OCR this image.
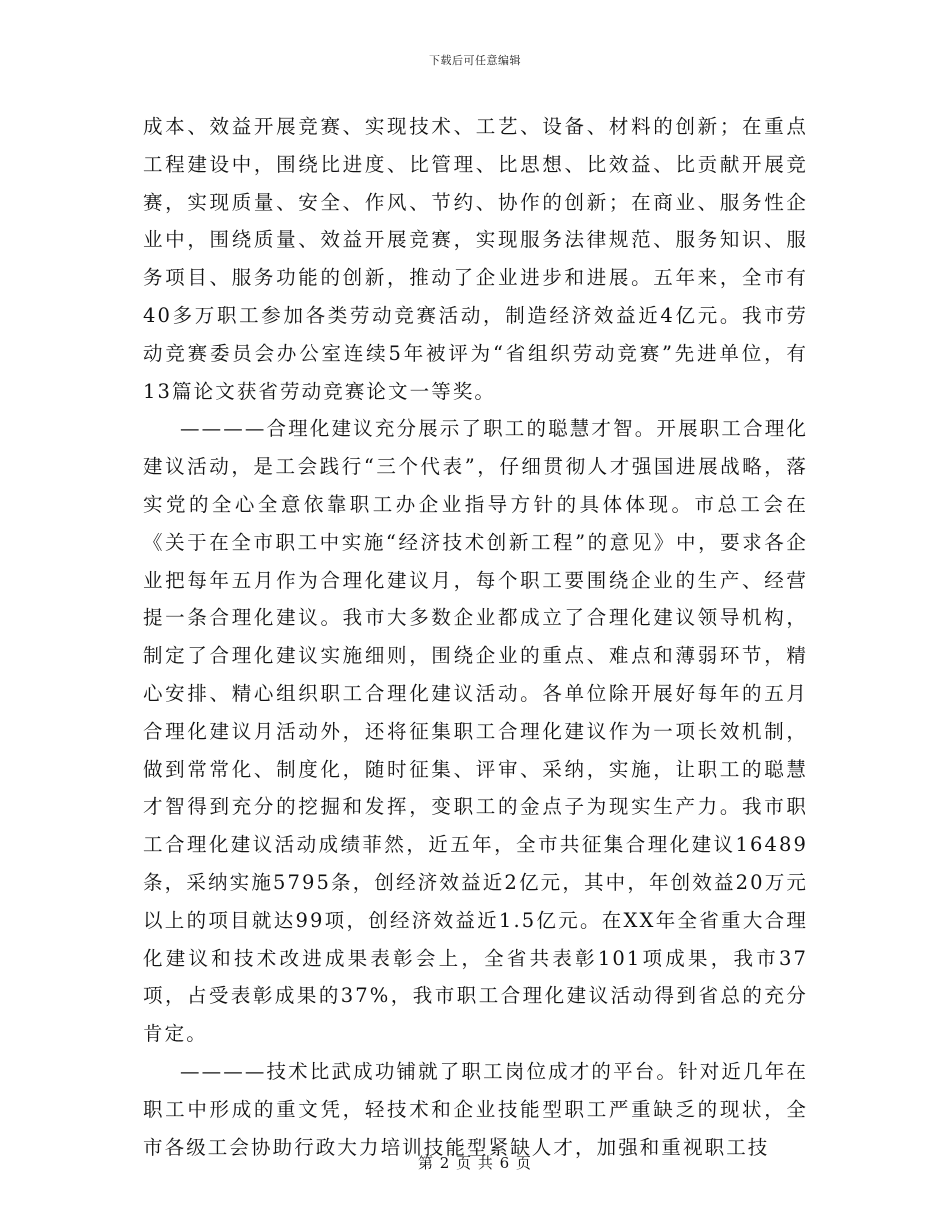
下载后可任意编辑

成本、效益开展竞赛、实现技术、工艺、设备、材料的创新；在重点工程建设中，围绕比进度、比管理、比思想、比效益、比贡献开展竞赛，实现质量、安全、作风、节约、协作的创新；在商业、服务性企业中，围绕质量、效益开展竞赛，实现服务法律规范、服务知识、服务项目、服务功能的创新，推动了企业进步和进展。五年来，全市有40多万职工参加各类劳动竞赛活动，制造经济效益近4亿元。我市劳动竞赛委员会办公室连续5年被评为“省组织劳动竞赛”先进单位，有13篇论文获省劳动竞赛论文一等奖。

————合理化建议充分展示了职工的聪慧才智。开展职工合理化建议活动，是工会践行“三个代表”，仔细贯彻人才强国进展战略，落实党的全心全意依靠职工办企业指导方针的具体体现。市总工会在《关于在全市职工中实施“经济技术创新工程”的意见》中，要求各企业把每年五月作为合理化建议月，每个职工要围绕企业的生产、经营提一条合理化建议。我市大多数企业都成立了合理化建议领导机构，制定了合理化建议实施细则，围绕企业的重点、难点和薄弱环节，精心安排、精心组织职工合理化建议活动。各单位除开展好每年的五月合理化建议月活动外，还将征集职工合理化建议作为一项长效机制，做到常常化、制度化，随时征集、评审、采纳，实施，让职工的聪慧才智得到充分的挖掘和发挥，变职工的金点子为现实生产力。我市职工合理化建议活动成绩菲然，近五年，全市共征集合理化建议16489条，采纳实施5795条，创经济效益近2亿元，其中，年创效益20万元以上的项目就达99项，创经济效益近1.5亿元。在XX年全省重大合理化建议和技术改进成果表彰会上，全省共表彰101项成果，我市37项，占受表彰成果的37%，我市职工合理化建议活动得到省总的充分肯定。

————技术比武成功铺就了职工岗位成才的平台。针对近几年在职工中形成的重文凭，轻技术和企业技能型职工严重缺乏的现状，全市各级工会协助行政大力培训技能型紧缺人才，加强和重视职工技

第 2 页 共 6 页
